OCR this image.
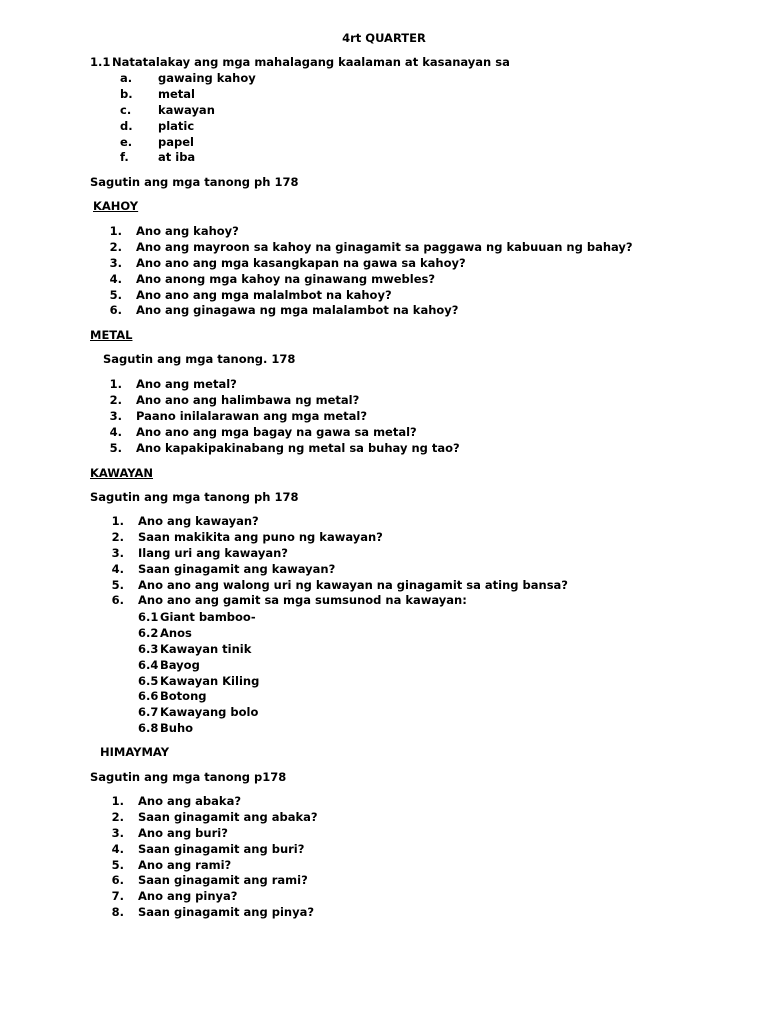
4rt QUARTER
1.1 Natatalakay ang mga mahalagang kaalaman at kasanayan sa
a.	gawaing kahoy
b.	metal
c.	kawayan
d.	platic
e.	papel
f.	at iba
Sagutin ang mga tanong ph 178
KAHOY
1. Ano ang kahoy?
2. Ano ang mayroon sa kahoy na ginagamit sa paggawa ng kabuuan ng bahay?
3. Ano ano ang mga kasangkapan na gawa sa kahoy?
4. Ano anong mga kahoy na ginawang mwebles?
5. Ano ano ang mga malalmbot na kahoy?
6. Ano ang ginagawa ng mga malalambot na kahoy?
METAL
Sagutin ang mga tanong. 178
1. Ano ang metal?
2. Ano ano ang halimbawa ng metal?
3. Paano inilalarawan ang mga metal?
4. Ano ano ang mga bagay na gawa sa metal?
5. Ano kapakipakinabang ng metal sa buhay ng tao?
KAWAYAN
Sagutin ang mga tanong ph 178
1. Ano ang kawayan?
2. Saan makikita ang puno ng kawayan?
3. Ilang uri ang kawayan?
4. Saan ginagamit ang kawayan?
5. Ano ano ang walong uri ng kawayan na ginagamit sa ating bansa?
6. Ano ano ang gamit sa mga sumsunod na kawayan:
6.1 Giant bamboo-
6.2 Anos
6.3 Kawayan tinik
6.4 Bayog
6.5 Kawayan Kiling
6.6 Botong
6.7 Kawayang bolo
6.8 Buho
HIMAYMAY
Sagutin ang mga tanong p178
1. Ano ang abaka?
2. Saan ginagamit ang abaka?
3. Ano ang buri?
4. Saan ginagamit ang buri?
5. Ano ang rami?
6. Saan ginagamit ang rami?
7. Ano ang pinya?
8. Saan ginagamit ang pinya?
